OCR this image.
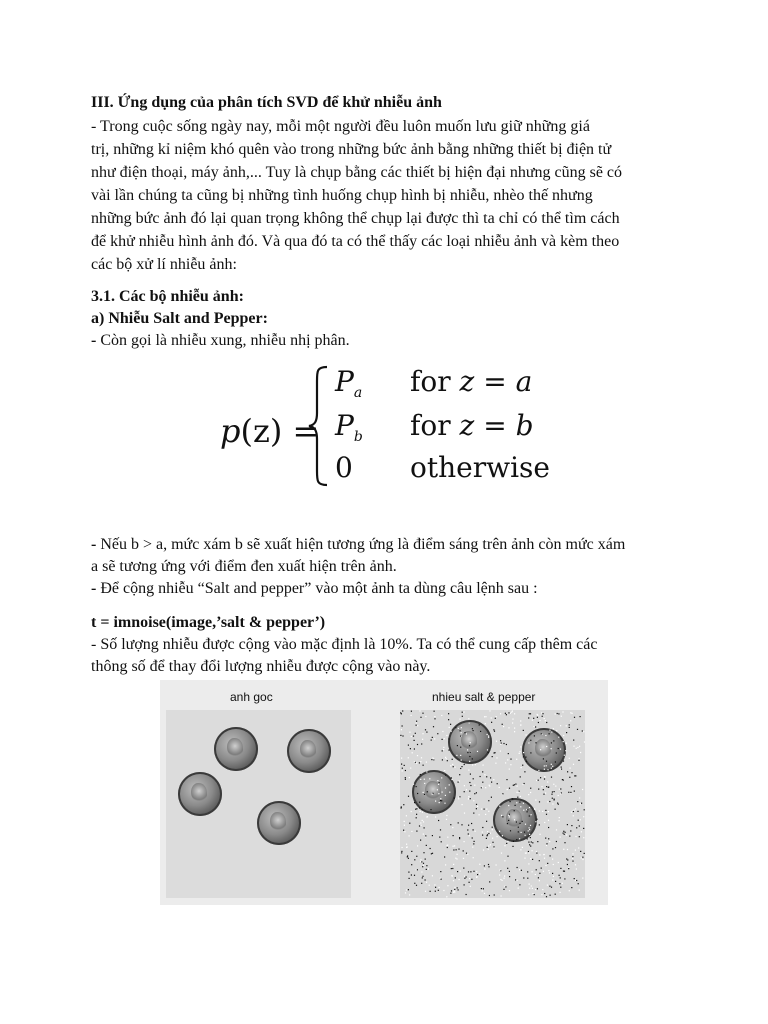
III. Ứng dụng của phân tích SVD để khử nhiễu ảnh
- Trong cuộc sống ngày nay, mỗi một người đều luôn muốn lưu giữ những giá
trị, những kỉ niệm khó quên vào trong những bức ảnh bằng những thiết bị điện tử
như điện thoại, máy ảnh,... Tuy là chụp bằng các thiết bị hiện đại nhưng cũng sẽ có
vài lần chúng ta cũng bị những tình huống chụp hình bị nhiễu, nhèo thế nhưng
những bức ảnh đó lại quan trọng không thể chụp lại được thì ta chỉ có thể tìm cách
để khử nhiễu hình ảnh đó. Và qua đó ta có thể thấy các loại nhiễu ảnh và kèm theo
các bộ xử lí nhiễu ảnh:
3.1. Các bộ nhiễu ảnh:
a) Nhiễu Salt and Pepper:
- Còn gọi là nhiễu xung, nhiễu nhị phân.
p(z) =
$P_a$ for z = a
$P_b$ for z = b
0 otherwise
- Nếu b > a, mức xám b sẽ xuất hiện tương ứng là điểm sáng trên ảnh còn mức xám
a sẽ tương ứng với điểm đen xuất hiện trên ảnh.
- Để cộng nhiễu “Salt and pepper” vào một ảnh ta dùng câu lệnh sau :
t = imnoise(image,’salt & pepper’)
- Số lượng nhiễu được cộng vào mặc định là 10%. Ta có thể cung cấp thêm các
thông số để thay đổi lượng nhiễu được cộng vào này.
anh goc	nhieu salt & pepper
